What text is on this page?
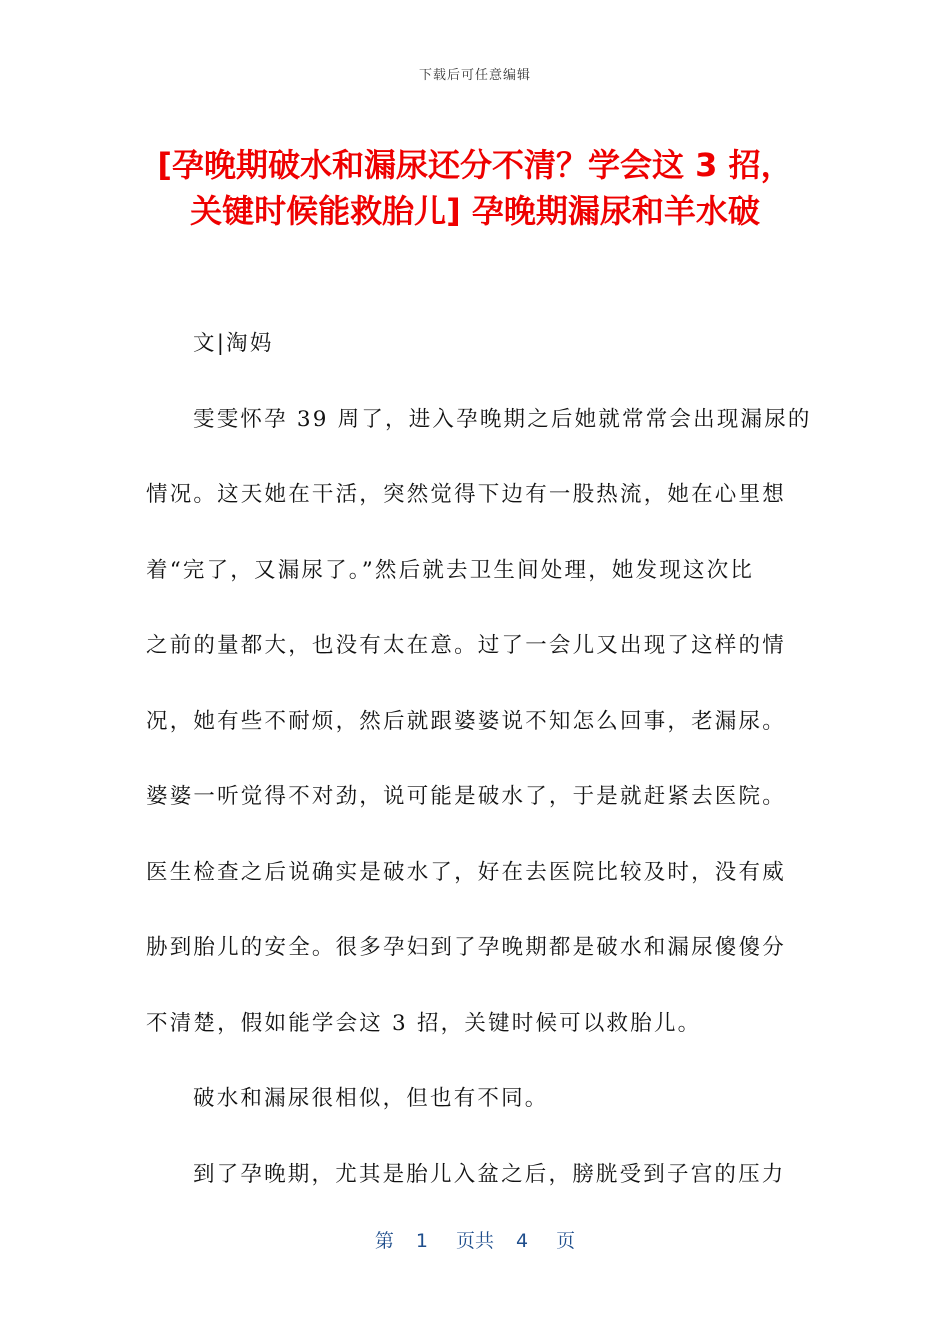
下载后可任意编辑
[孕晚期破水和漏尿还分不清？学会这 3 招，
关键时候能救胎儿] 孕晚期漏尿和羊水破
文|淘妈
雯雯怀孕 39 周了，进入孕晚期之后她就常常会出现漏尿的
情况。这天她在干活，突然觉得下边有一股热流，她在心里想
着“完了，又漏尿了。”然后就去卫生间处理，她发现这次比
之前的量都大，也没有太在意。过了一会儿又出现了这样的情
况，她有些不耐烦，然后就跟婆婆说不知怎么回事，老漏尿。
婆婆一听觉得不对劲，说可能是破水了，于是就赶紧去医院。
医生检查之后说确实是破水了，好在去医院比较及时，没有威
胁到胎儿的安全。很多孕妇到了孕晚期都是破水和漏尿傻傻分
不清楚，假如能学会这 3 招，关键时候可以救胎儿。
破水和漏尿很相似，但也有不同。
到了孕晚期，尤其是胎儿入盆之后，膀胱受到子宫的压力
第 1 页共 4 页
